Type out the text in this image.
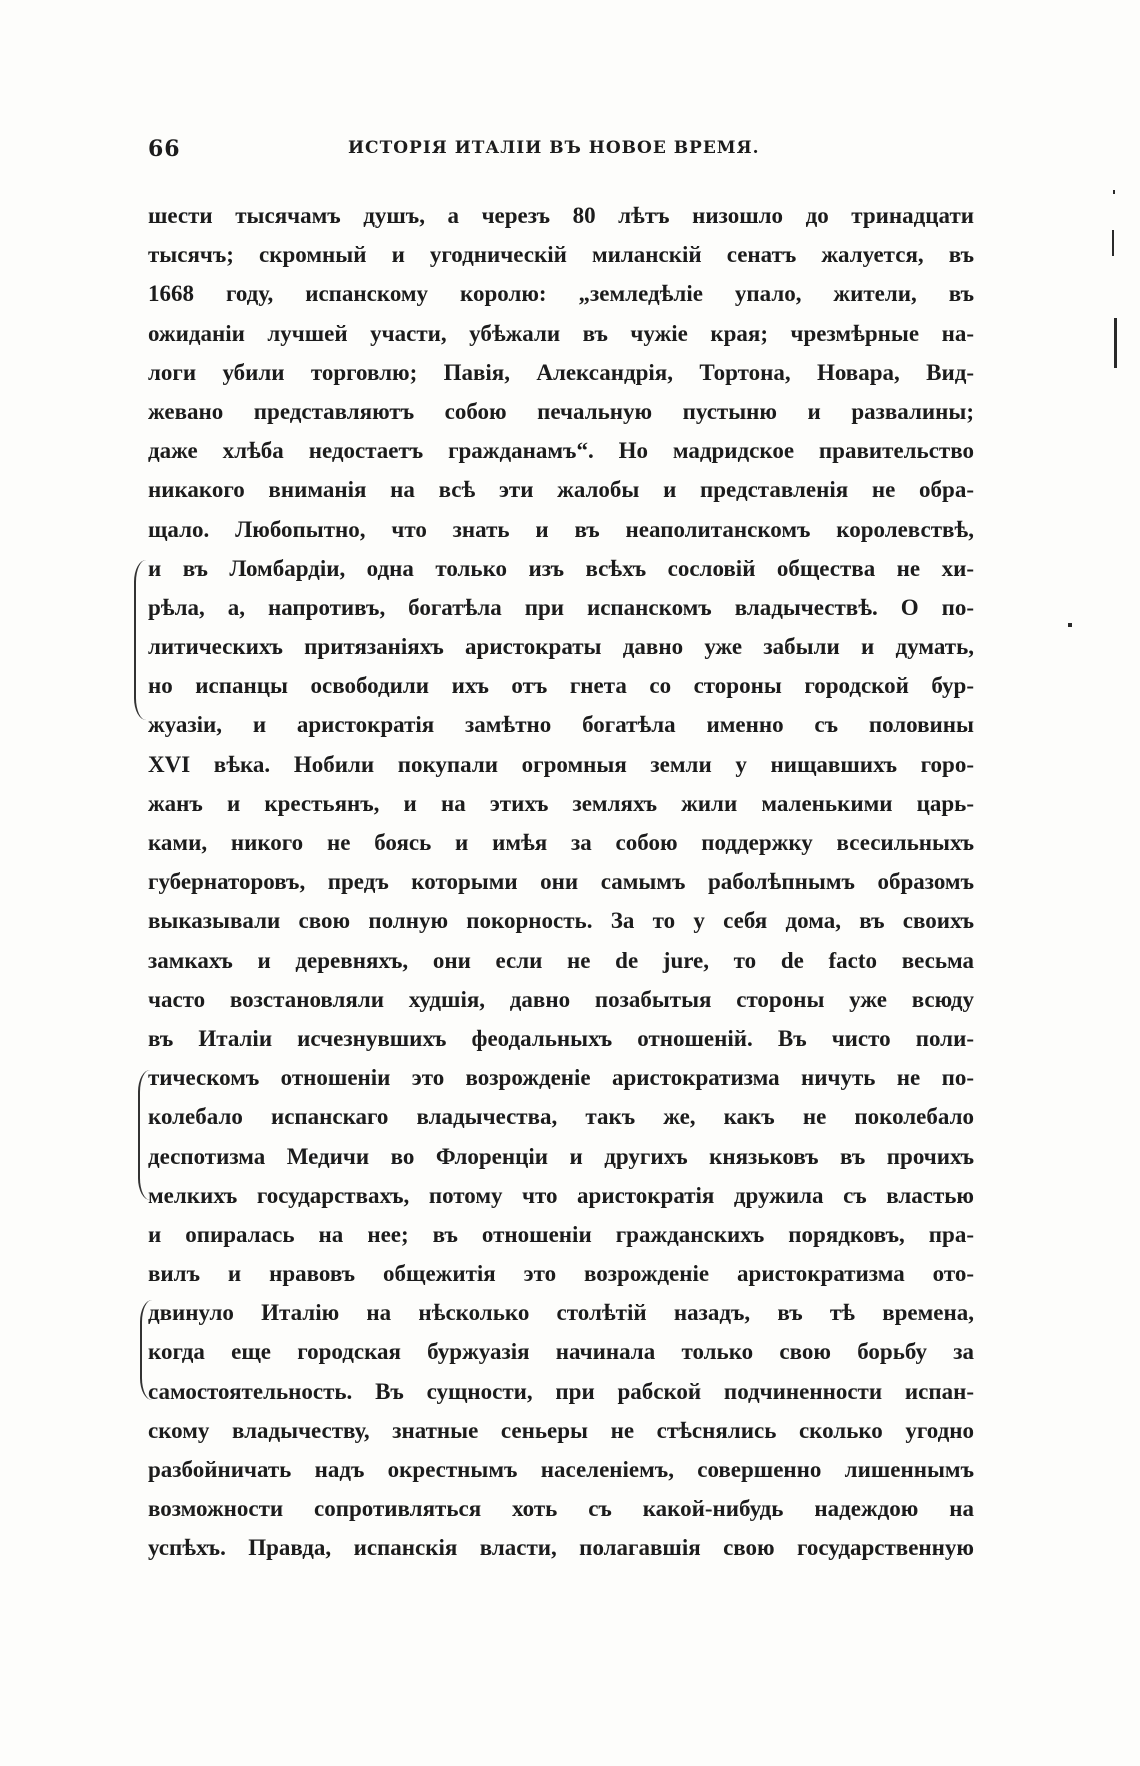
66	ИСТОРІЯ ИТАЛІИ ВЪ НОВОЕ ВРЕМЯ.
шести тысячамъ душъ, а черезъ 80 лѣтъ низошло до тринадцати
тысячъ; скромный и угодническій миланскій сенатъ жалуется, въ
1668 году, испанскому королю: „земледѣліе упало, жители, въ
ожиданіи лучшей участи, убѣжали въ чужіе края; чрезмѣрные на-
логи убили торговлю; Павія, Александрія, Тортона, Новара, Вид-
жевано представляютъ собою печальную пустыню и развалины;
даже хлѣба недостаетъ гражданамъ“. Но мадридское правительство
никакого вниманія на всѣ эти жалобы и представленія не обра-
щало. Любопытно, что знать и въ неаполитанскомъ королевствѣ,
и въ Ломбардіи, одна только изъ всѣхъ сословій общества не хи-
рѣла, а, напротивъ, богатѣла при испанскомъ владычествѣ. О по-
литическихъ притязаніяхъ аристократы давно уже забыли и думать,
но испанцы освободили ихъ отъ гнета со стороны городской бур-
жуазіи, и аристократія замѣтно богатѣла именно съ половины
XVI вѣка. Нобили покупали огромныя земли у нищавшихъ горо-
жанъ и крестьянъ, и на этихъ земляхъ жили маленькими царь-
ками, никого не боясь и имѣя за собою поддержку всесильныхъ
губернаторовъ, предъ которыми они самымъ раболѣпнымъ образомъ
выказывали свою полную покорность. За то у себя дома, въ своихъ
замкахъ и деревняхъ, они если не de jure, то de facto весьма
часто возстановляли худшія, давно позабытыя стороны уже всюду
въ Италіи исчезнувшихъ феодальныхъ отношеній. Въ чисто поли-
тическомъ отношеніи это возрожденіе аристократизма ничуть не по-
колебало испанскаго владычества, такъ же, какъ не поколебало
деспотизма Медичи во Флоренціи и другихъ князьковъ въ прочихъ
мелкихъ государствахъ, потому что аристократія дружила съ властью
и опиралась на нее; въ отношеніи гражданскихъ порядковъ, пра-
вилъ и нравовъ общежитія это возрожденіе аристократизма ото-
двинуло Италію на нѣсколько столѣтій назадъ, въ тѣ времена,
когда еще городская буржуазія начинала только свою борьбу за
самостоятельность. Въ сущности, при рабской подчиненности испан-
скому владычеству, знатные сеньеры не стѣснялись сколько угодно
разбойничать надъ окрестнымъ населеніемъ, совершенно лишеннымъ
возможности сопротивляться хоть съ какой-нибудь надеждою на
успѣхъ. Правда, испанскія власти, полагавшія свою государственную
